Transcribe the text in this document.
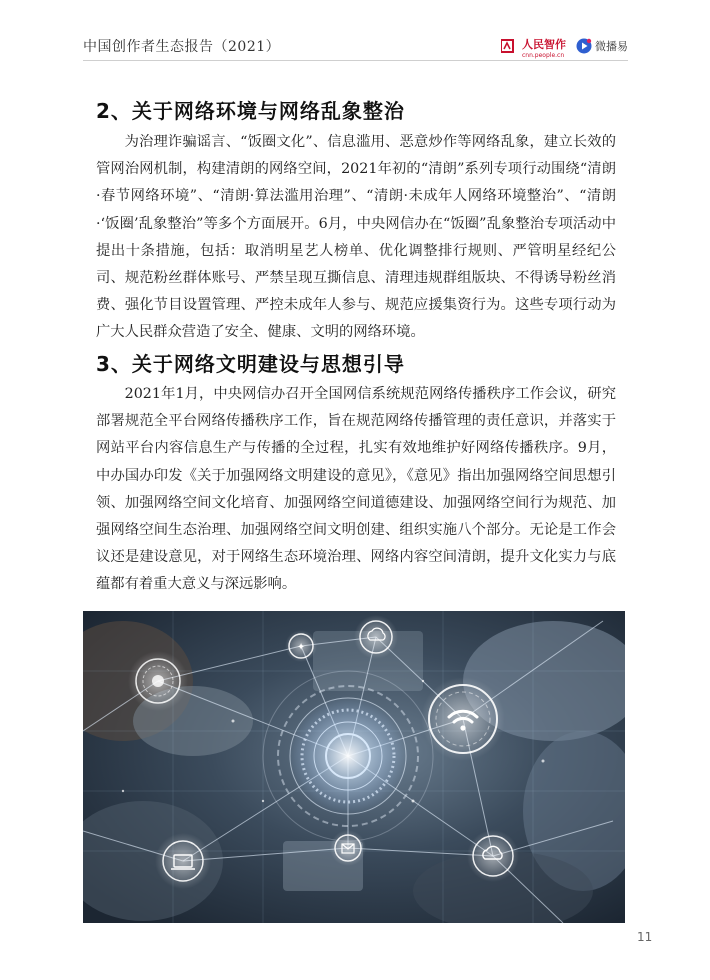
中国创作者生态报告（2021）	人民智作
cnn.people.cn
微播易
2、关于网络环境与网络乱象整治

为治理诈骗谣言、“饭圈文化”、信息滥用、恶意炒作等网络乱象，建立长效的管网治网机制，构建清朗的网络空间，2021年初的“清朗”系列专项行动围绕“清朗·春节网络环境”、“清朗·算法滥用治理”、“清朗·未成年人网络环境整治”、“清朗·‘饭圈’乱象整治”等多个方面展开。6月，中央网信办在“饭圈”乱象整治专项活动中提出十条措施，包括：取消明星艺人榜单、优化调整排行规则、严管明星经纪公司、规范粉丝群体账号、严禁呈现互撕信息、清理违规群组版块、不得诱导粉丝消费、强化节目设置管理、严控未成年人参与、规范应援集资行为。这些专项行动为广大人民群众营造了安全、健康、文明的网络环境。

3、关于网络文明建设与思想引导

2021年1月，中央网信办召开全国网信系统规范网络传播秩序工作会议，研究部署规范全平台网络传播秩序工作，旨在规范网络传播管理的责任意识，并落实于网站平台内容信息生产与传播的全过程，扎实有效地维护好网络传播秩序。9月，中办国办印发《关于加强网络文明建设的意见》，《意见》指出加强网络空间思想引领、加强网络空间文化培育、加强网络空间道德建设、加强网络空间行为规范、加强网络空间生态治理、加强网络空间文明创建、组织实施八个部分。无论是工作会议还是建设意见，对于网络生态环境治理、网络内容空间清朗，提升文化实力与底蕴都有着重大意义与深远影响。

✦
11
